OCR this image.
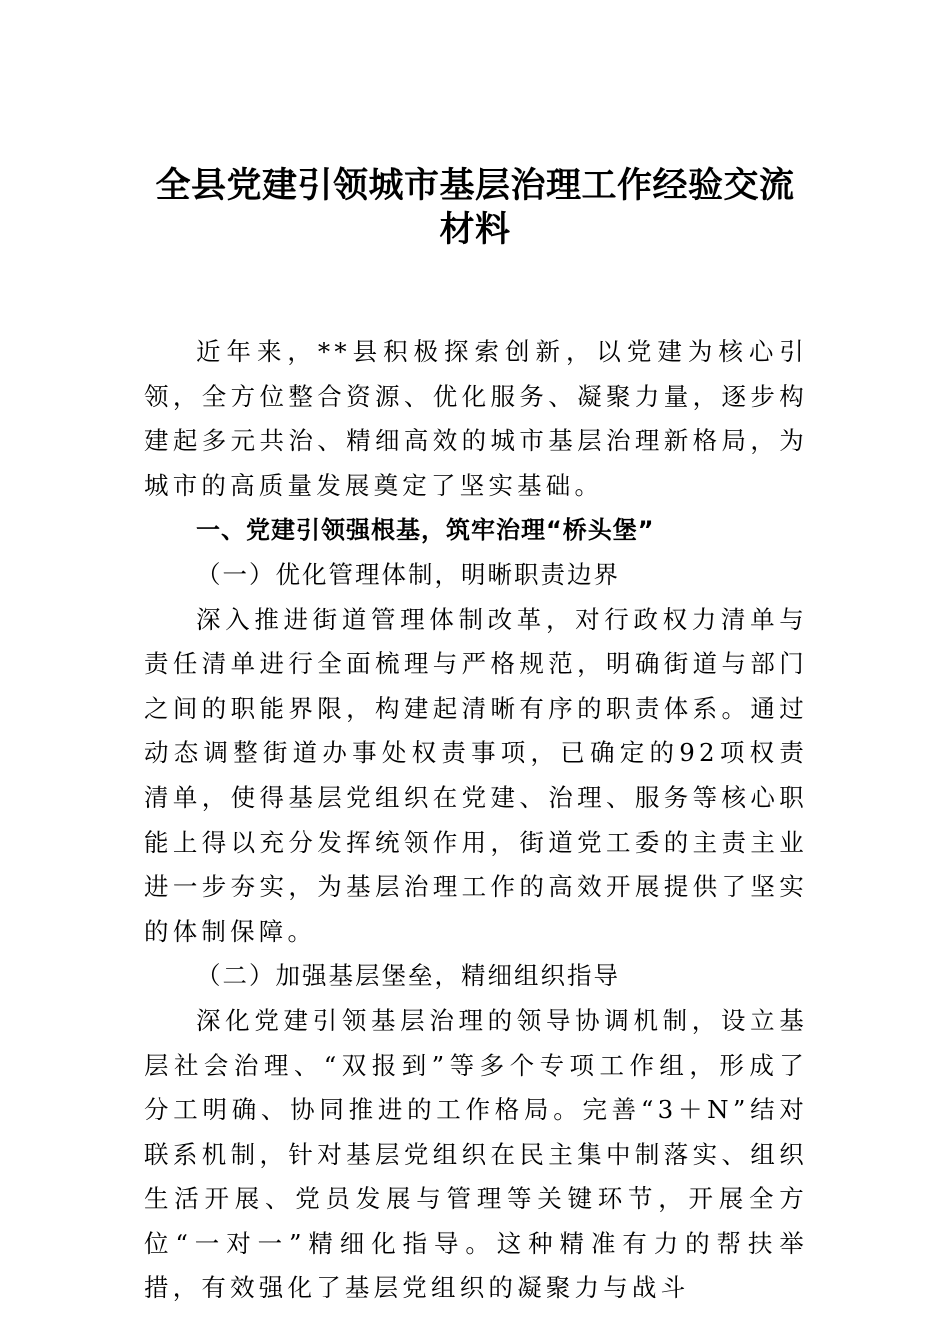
全县党建引领城市基层治理工作经验交流
材料

近年来，**县积极探索创新，以党建为核心引领，全方位整合资源、优化服务、凝聚力量，逐步构建起多元共治、精细高效的城市基层治理新格局，为城市的高质量发展奠定了坚实基础。

一、党建引领强根基，筑牢治理“桥头堡”

（一）优化管理体制，明晰职责边界

深入推进街道管理体制改革，对行政权力清单与责任清单进行全面梳理与严格规范，明确街道与部门之间的职能界限，构建起清晰有序的职责体系。通过动态调整街道办事处权责事项，已确定的92项权责清单，使得基层党组织在党建、治理、服务等核心职能上得以充分发挥统领作用，街道党工委的主责主业进一步夯实，为基层治理工作的高效开展提供了坚实的体制保障。

（二）加强基层堡垒，精细组织指导

深化党建引领基层治理的领导协调机制，设立基层社会治理、“双报到”等多个专项工作组，形成了分工明确、协同推进的工作格局。完善“3＋N”结对联系机制，针对基层党组织在民主集中制落实、组织生活开展、党员发展与管理等关键环节，开展全方位“一对一”精细化指导。这种精准有力的帮扶举措，有效强化了基层党组织的凝聚力与战斗
